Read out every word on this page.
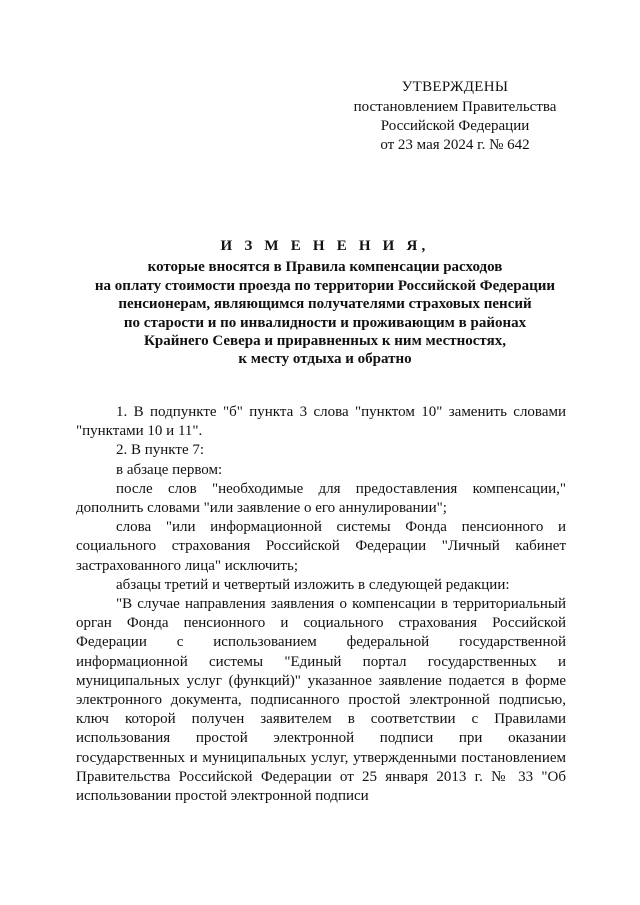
УТВЕРЖДЕНЫ
постановлением Правительства
Российской Федерации
от 23 мая 2024 г. № 642
И З М Е Н Е Н И Я,
которые вносятся в Правила компенсации расходов
на оплату стоимости проезда по территории Российской Федерации
пенсионерам, являющимся получателями страховых пенсий
по старости и по инвалидности и проживающим в районах
Крайнего Севера и приравненных к ним местностях,
к месту отдыха и обратно

1. В подпункте "б" пункта 3 слова "пунктом 10" заменить словами "пунктами 10 и 11".

2. В пункте 7:

в абзаце первом:

после слов "необходимые для предоставления компенсации," дополнить словами "или заявление о его аннулировании";

слова "или информационной системы Фонда пенсионного и социального страхования Российской Федерации "Личный кабинет застрахованного лица" исключить;

абзацы третий и четвертый изложить в следующей редакции:

"В случае направления заявления о компенсации в территориальный орган Фонда пенсионного и социального страхования Российской Федерации с использованием федеральной государственной информационной системы "Единый портал государственных и муниципальных услуг (функций)" указанное заявление подается в форме электронного документа, подписанного простой электронной подписью, ключ которой получен заявителем в соответствии с Правилами использования простой электронной подписи при оказании государственных и муниципальных услуг, утвержденными постановлением Правительства Российской Федерации от 25 января 2013 г. № 33 "Об использовании простой электронной подписи
